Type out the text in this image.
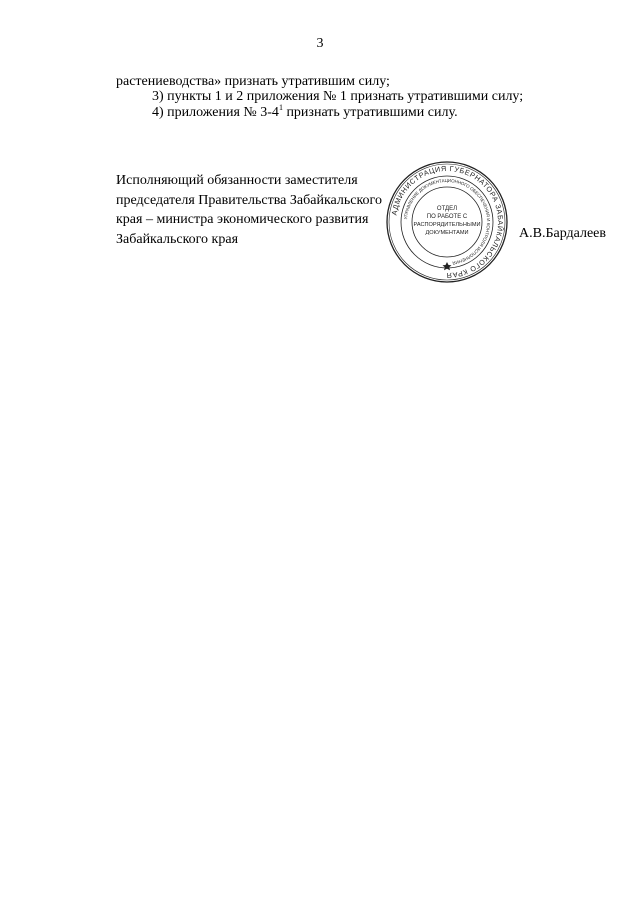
3
растениеводства» признать утратившим силу;
3) пункты 1 и 2 приложения № 1 признать утратившими силу;
4) приложения № $3-4^1$ признать утратившими силу.
Исполняющий обязанности заместителя
председателя Правительства Забайкальского
края – министра экономического развития
Забайкальского края
АДМИНИСТРАЦИЯ ГУБЕРНАТОРА ЗАБАЙКАЛЬСКОГО КРАЯ
УПРАВЛЕНИЕ ДОКУМЕНТАЦИОННОГО ОБЕСПЕЧЕНИЯ И КОНТРОЛЯ ИСПОЛНЕНИЯ
ОТДЕЛ
ПО РАБОТЕ С
РАСПОРЯДИТЕЛЬНЫМИ
ДОКУМЕНТАМИ	А.В.Бардалеев
